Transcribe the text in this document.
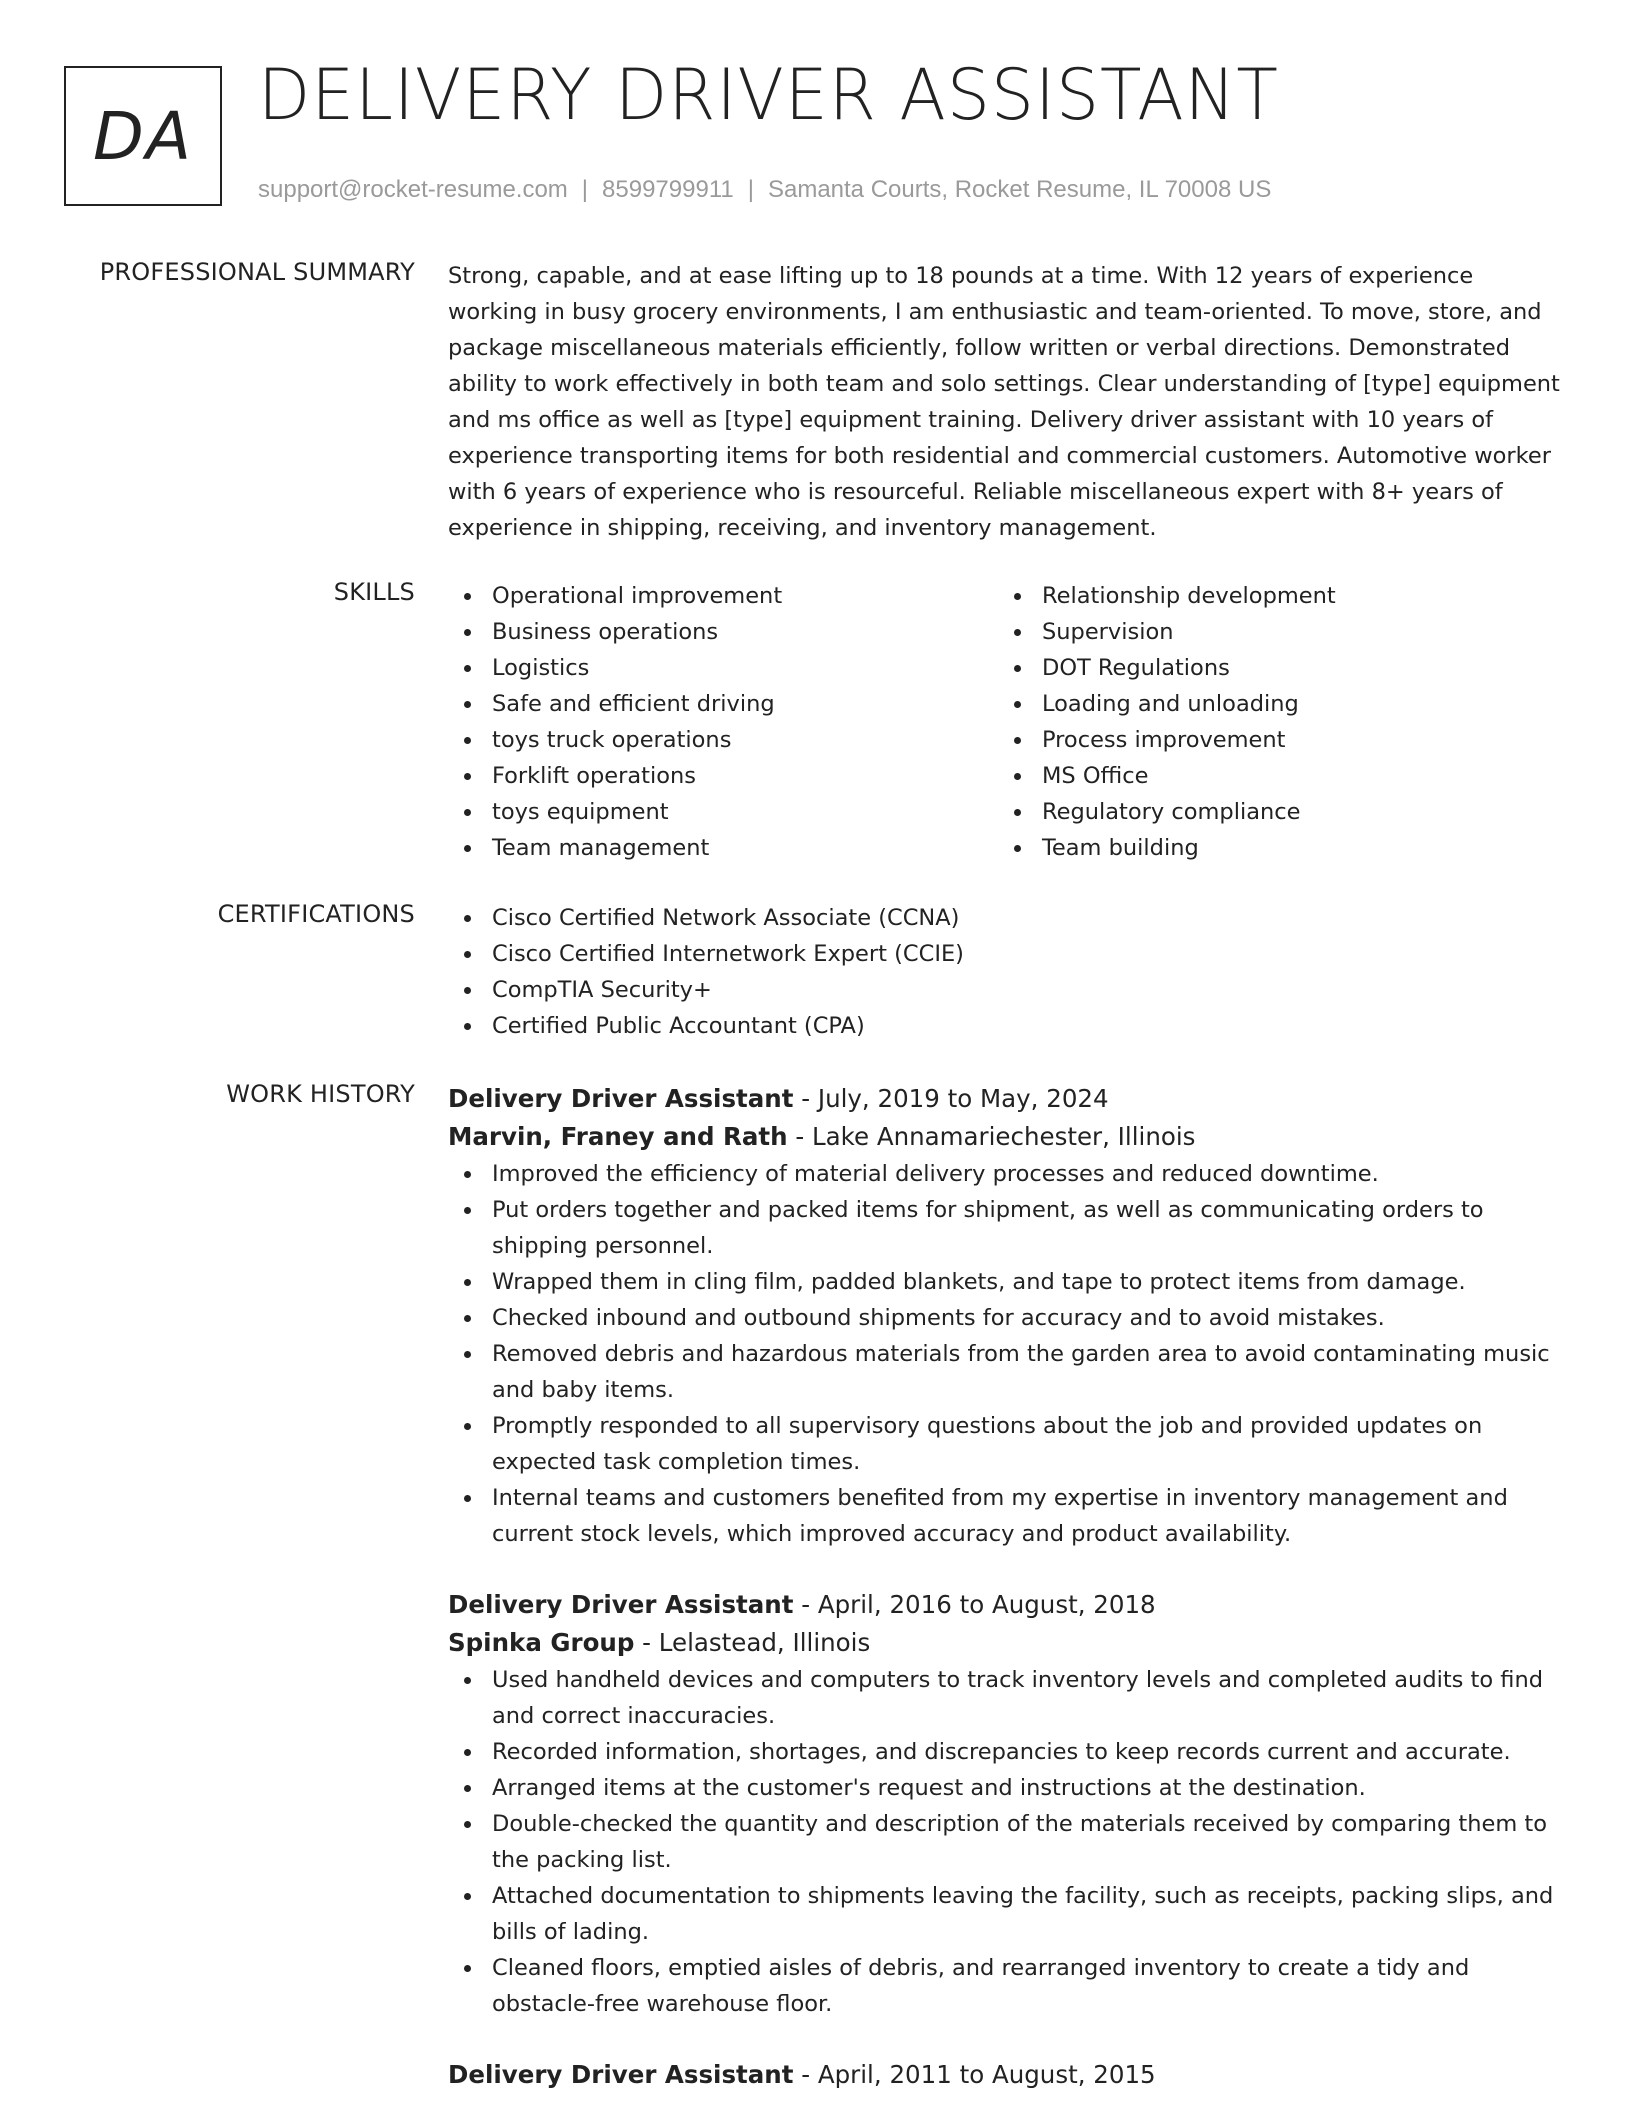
DA DELIVERY DRIVER ASSISTANT
support@rocket-resume.com | 8599799911 | Samanta Courts, Rocket Resume, IL 70008 US
PROFESSIONAL SUMMARY Strong, capable, and at ease lifting up to 18 pounds at a time. With 12 years of experience working in busy grocery environments, I am enthusiastic and team-oriented. To move, store, and package miscellaneous materials efficiently, follow written or verbal directions. Demonstrated ability to work effectively in both team and solo settings. Clear understanding of [type] equipment and ms office as well as [type] equipment training. Delivery driver assistant with 10 years of experience transporting items for both residential and commercial customers. Automotive worker with 6 years of experience who is resourceful. Reliable miscellaneous expert with 8+ years of experience in shipping, receiving, and inventory management.

SKILLS	Operational improvement
Business operations
Logistics
Safe and efficient driving
toys truck operations
Forklift operations
toys equipment
Team management
Relationship development
Supervision
DOT Regulations
Loading and unloading
Process improvement
MS Office
Regulatory compliance
Team building
CERTIFICATIONS	Cisco Certified Network Associate (CCNA)
Cisco Certified Internetwork Expert (CCIE)
CompTIA Security+
Certified Public Accountant (CPA)
WORK HISTORY Delivery Driver Assistant - July, 2019 to May, 2024
Marvin, Franey and Rath - Lake Annamariechester, Illinois
Improved the efficiency of material delivery processes and reduced downtime.
Put orders together and packed items for shipment, as well as communicating orders to shipping personnel.
Wrapped them in cling film, padded blankets, and tape to protect items from damage.
Checked inbound and outbound shipments for accuracy and to avoid mistakes.
Removed debris and hazardous materials from the garden area to avoid contaminating music and baby items.
Promptly responded to all supervisory questions about the job and provided updates on expected task completion times.
Internal teams and customers benefited from my expertise in inventory management and current stock levels, which improved accuracy and product availability.
Delivery Driver Assistant - April, 2016 to August, 2018
Spinka Group - Lelastead, Illinois
Used handheld devices and computers to track inventory levels and completed audits to find and correct inaccuracies.
Recorded information, shortages, and discrepancies to keep records current and accurate.
Arranged items at the customer's request and instructions at the destination.
Double-checked the quantity and description of the materials received by comparing them to the packing list.
Attached documentation to shipments leaving the facility, such as receipts, packing slips, and bills of lading.
Cleaned floors, emptied aisles of debris, and rearranged inventory to create a tidy and obstacle-free warehouse floor.
Delivery Driver Assistant - April, 2011 to August, 2015
